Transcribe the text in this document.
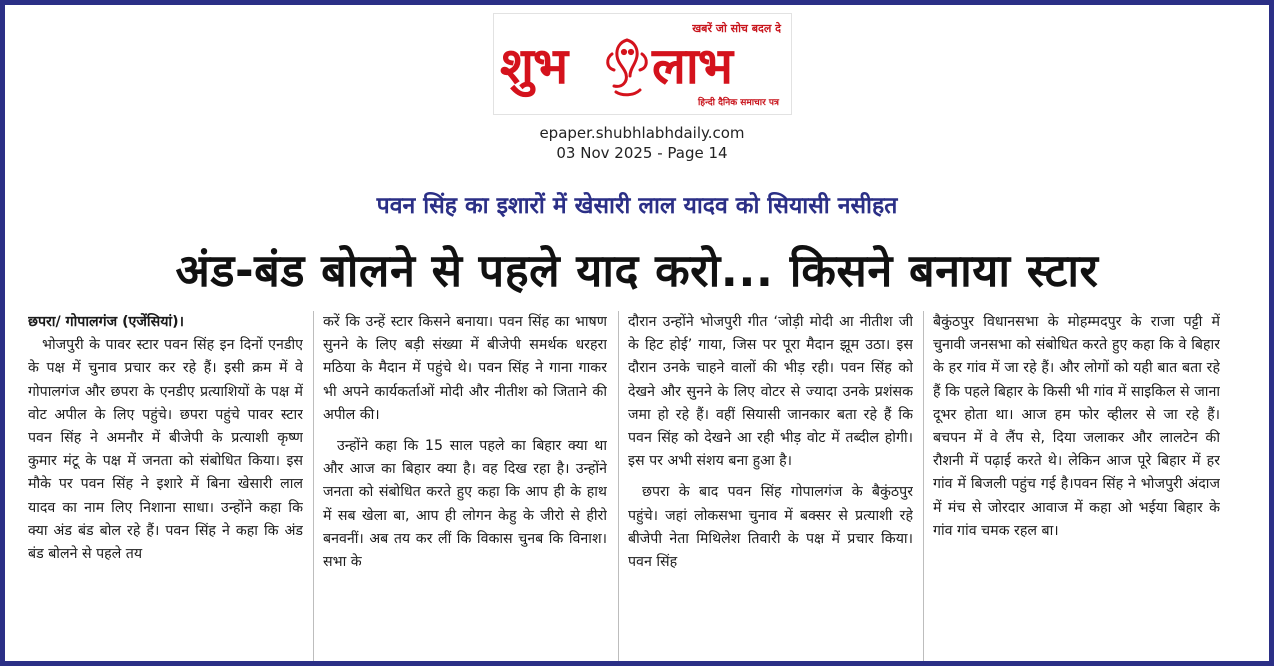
खबरें जो सोच बदल दे
शुभ लाभ
हिन्दी दैनिक समाचार पत्र
epaper.shubhlabhdaily.com
03 Nov 2025 - Page 14
पवन सिंह का इशारों में खेसारी लाल यादव को सियासी नसीहत
अंड-बंड बोलने से पहले याद करो... किसने बनाया स्टार

छपरा/ गोपालगंज (एजेंसियां)।

भोजपुरी के पावर स्टार पवन सिंह इन दिनों एनडीए के पक्ष में चुनाव प्रचार कर रहे हैं। इसी क्रम में वे गोपालगंज और छपरा के एनडीए प्रत्याशियों के पक्ष में वोट अपील के लिए पहुंचे। छपरा पहुंचे पावर स्टार पवन सिंह ने अमनौर में बीजेपी के प्रत्याशी कृष्ण कुमार मंटू के पक्ष में जनता को संबोधित किया। इस मौके पर पवन सिंह ने इशारे में बिना खेसारी लाल यादव का नाम लिए निशाना साधा। उन्होंने कहा कि क्या अंड बंड बोल रहे हैं। पवन सिंह ने कहा कि अंड बंड बोलने से पहले तय

करें कि उन्हें स्टार किसने बनाया। पवन सिंह का भाषण सुनने के लिए बड़ी संख्या में बीजेपी समर्थक धरहरा मठिया के मैदान में पहुंचे थे। पवन सिंह ने गाना गाकर भी अपने कार्यकर्ताओं मोदी और नीतीश को जिताने की अपील की।

उन्होंने कहा कि 15 साल पहले का बिहार क्या था और आज का बिहार क्या है। वह दिख रहा है। उन्होंने जनता को संबोधित करते हुए कहा कि आप ही के हाथ में सब खेला बा, आप ही लोगन केहु के जीरो से हीरो बनवनीं। अब तय कर लीं कि विकास चुनब कि विनाश। सभा के

दौरान उन्होंने भोजपुरी गीत ‘जोड़ी मोदी आ नीतीश जी के हिट होई’ गाया, जिस पर पूरा मैदान झूम उठा। इस दौरान उनके चाहने वालों की भीड़ रही। पवन सिंह को देखने और सुनने के लिए वोटर से ज्यादा उनके प्रशंसक जमा हो रहे हैं। वहीं सियासी जानकार बता रहे हैं कि पवन सिंह को देखने आ रही भीड़ वोट में तब्दील होगी। इस पर अभी संशय बना हुआ है।

छपरा के बाद पवन सिंह गोपालगंज के बैकुंठपुर पहुंचे। जहां लोकसभा चुनाव में बक्सर से प्रत्याशी रहे बीजेपी नेता मिथिलेश तिवारी के पक्ष में प्रचार किया। पवन सिंह

बैकुंठपुर विधानसभा के मोहम्मदपुर के राजा पट्टी में चुनावी जनसभा को संबोधित करते हुए कहा कि वे बिहार के हर गांव में जा रहे हैं। और लोगों को यही बात बता रहे हैं कि पहले बिहार के किसी भी गांव में साइकिल से जाना दूभर होता था। आज हम फोर व्हीलर से जा रहे हैं। बचपन में वे लैंप से, दिया जलाकर और लालटेन की रौशनी में पढ़ाई करते थे। लेकिन आज पूरे बिहार में हर गांव में बिजली पहुंच गई है।पवन सिंह ने भोजपुरी अंदाज में मंच से जोरदार आवाज में कहा ओ भईया बिहार के गांव गांव चमक रहल बा।
